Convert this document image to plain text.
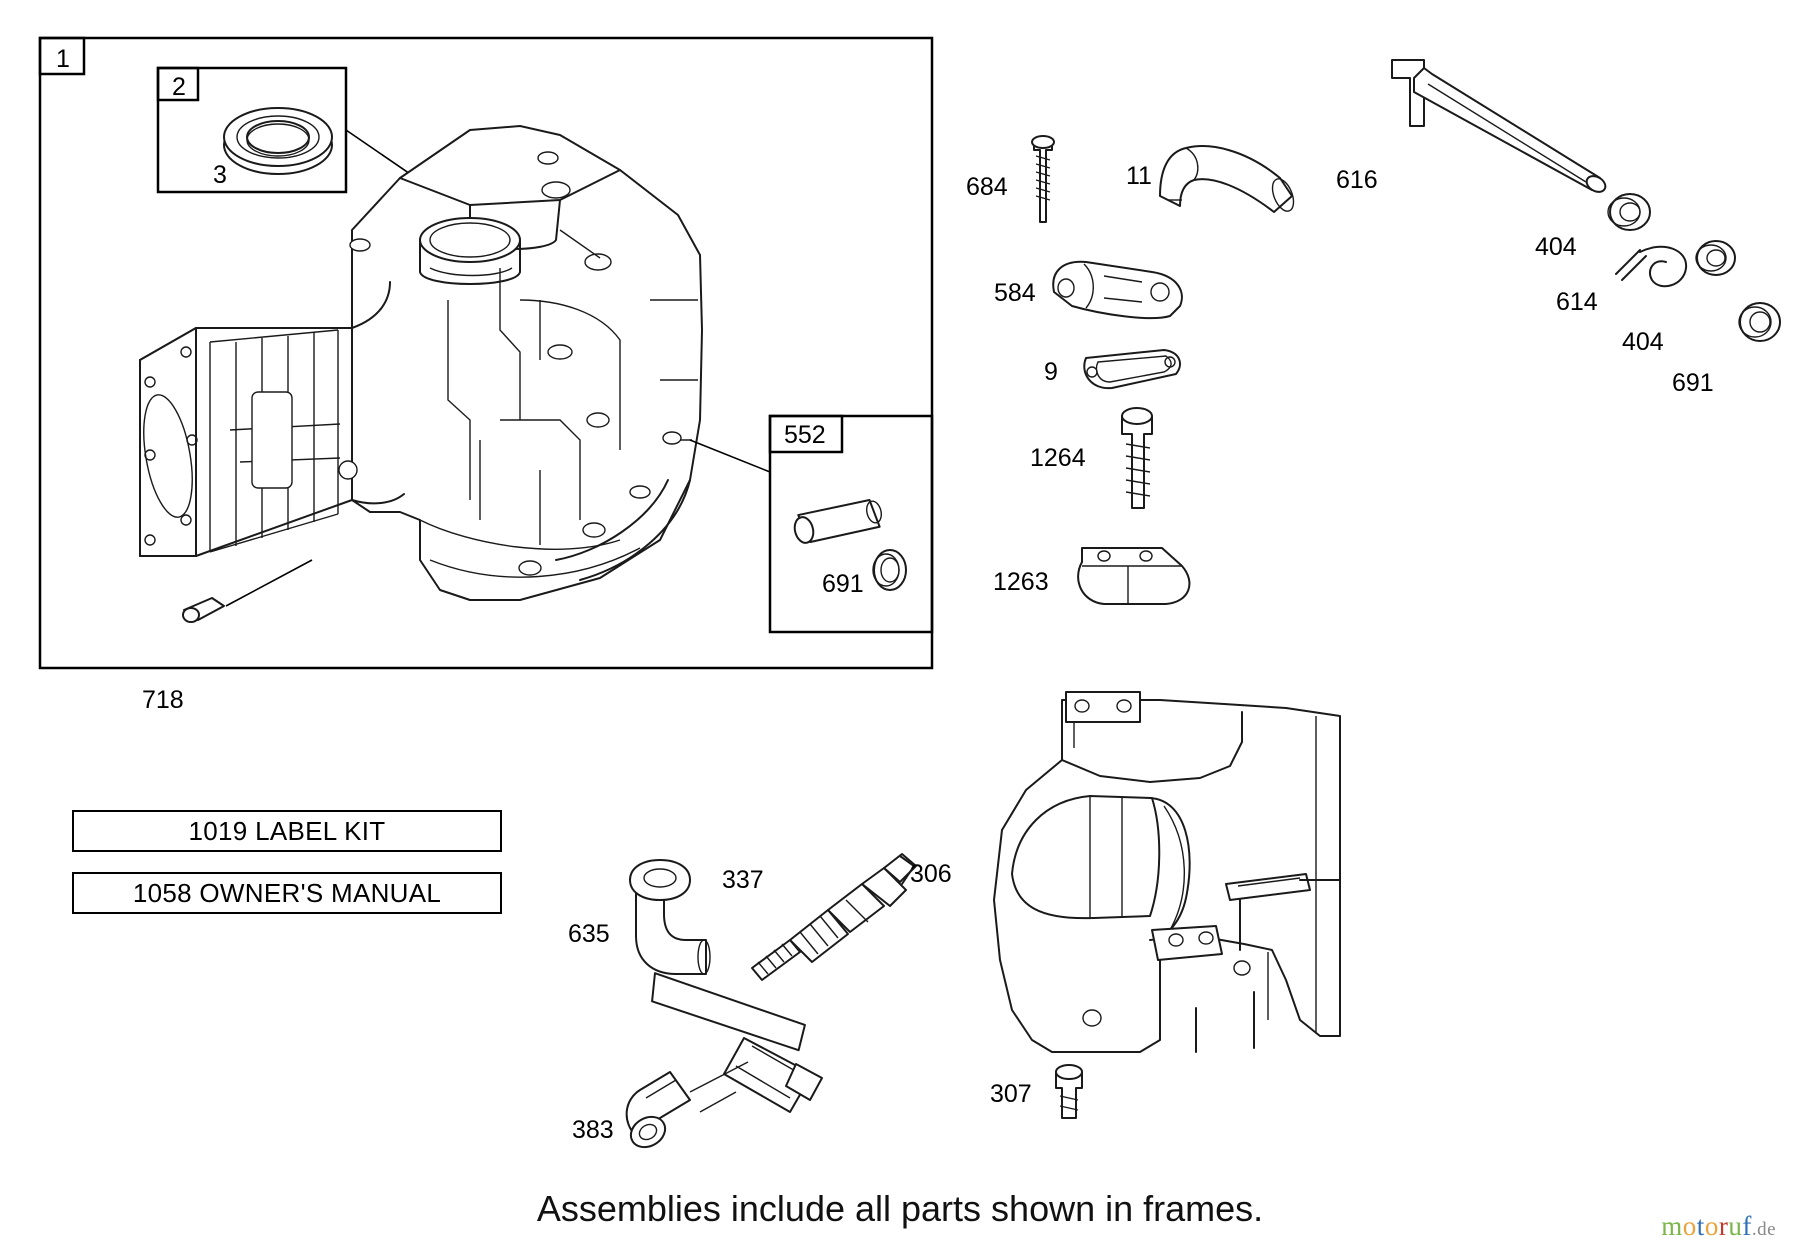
1
2
552
3
718
691
684	11
584
9
1264
1263
616
404
614
404
691
306
307
337
635
383
1019 LABEL KIT
1058 OWNER'S MANUAL
Assemblies include all parts shown in frames.	motoruf.de
